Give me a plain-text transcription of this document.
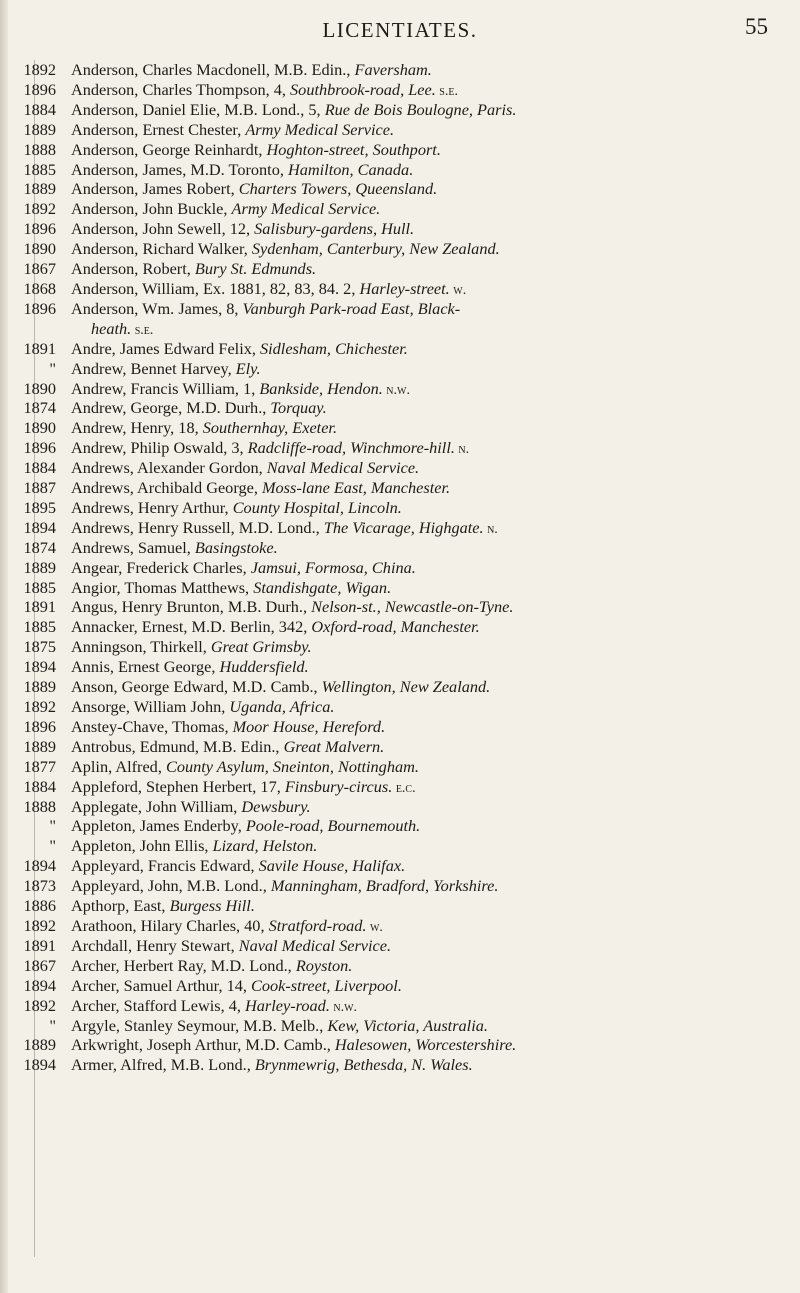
LICENTIATES.	55
1892 Anderson, Charles Macdonell, M.B. Edin., Faversham.
1896 Anderson, Charles Thompson, 4, Southbrook-road, Lee. s.e.
1884 Anderson, Daniel Elie, M.B. Lond., 5, Rue de Bois Boulogne, Paris.
1889 Anderson, Ernest Chester, Army Medical Service.
1888 Anderson, George Reinhardt, Hoghton-street, Southport.
1885 Anderson, James, M.D. Toronto, Hamilton, Canada.
1889 Anderson, James Robert, Charters Towers, Queensland.
1892 Anderson, John Buckle, Army Medical Service.
1896 Anderson, John Sewell, 12, Salisbury-gardens, Hull.
1890 Anderson, Richard Walker, Sydenham, Canterbury, New Zealand.
1867 Anderson, Robert, Bury St. Edmunds.
1868 Anderson, William, Ex. 1881, 82, 83, 84. 2, Harley-street. w.
1896 Anderson, Wm. James, 8, Vanburgh Park-road East, Black-
heath. s.e.
1891 Andre, James Edward Felix, Sidlesham, Chichester.
" Andrew, Bennet Harvey, Ely.
1890 Andrew, Francis William, 1, Bankside, Hendon. n.w.
1874 Andrew, George, M.D. Durh., Torquay.
1890 Andrew, Henry, 18, Southernhay, Exeter.
1896 Andrew, Philip Oswald, 3, Radcliffe-road, Winchmore-hill. n.
1884 Andrews, Alexander Gordon, Naval Medical Service.
1887 Andrews, Archibald George, Moss-lane East, Manchester.
1895 Andrews, Henry Arthur, County Hospital, Lincoln.
1894 Andrews, Henry Russell, M.D. Lond., The Vicarage, Highgate. n.
1874 Andrews, Samuel, Basingstoke.
1889 Angear, Frederick Charles, Jamsui, Formosa, China.
1885 Angior, Thomas Matthews, Standishgate, Wigan.
1891 Angus, Henry Brunton, M.B. Durh., Nelson-st., Newcastle-on-Tyne.
1885 Annacker, Ernest, M.D. Berlin, 342, Oxford-road, Manchester.
1875 Anningson, Thirkell, Great Grimsby.
1894 Annis, Ernest George, Huddersfield.
1889 Anson, George Edward, M.D. Camb., Wellington, New Zealand.
1892 Ansorge, William John, Uganda, Africa.
1896 Anstey-Chave, Thomas, Moor House, Hereford.
1889 Antrobus, Edmund, M.B. Edin., Great Malvern.
1877 Aplin, Alfred, County Asylum, Sneinton, Nottingham.
1884 Appleford, Stephen Herbert, 17, Finsbury-circus. e.c.
1888 Applegate, John William, Dewsbury.
" Appleton, James Enderby, Poole-road, Bournemouth.
" Appleton, John Ellis, Lizard, Helston.
1894 Appleyard, Francis Edward, Savile House, Halifax.
1873 Appleyard, John, M.B. Lond., Manningham, Bradford, Yorkshire.
1886 Apthorp, East, Burgess Hill.
1892 Arathoon, Hilary Charles, 40, Stratford-road. w.
1891 Archdall, Henry Stewart, Naval Medical Service.
1867 Archer, Herbert Ray, M.D. Lond., Royston.
1894 Archer, Samuel Arthur, 14, Cook-street, Liverpool.
1892 Archer, Stafford Lewis, 4, Harley-road. n.w.
" Argyle, Stanley Seymour, M.B. Melb., Kew, Victoria, Australia.
1889 Arkwright, Joseph Arthur, M.D. Camb., Halesowen, Worcestershire.
1894 Armer, Alfred, M.B. Lond., Brynmewrig, Bethesda, N. Wales.
